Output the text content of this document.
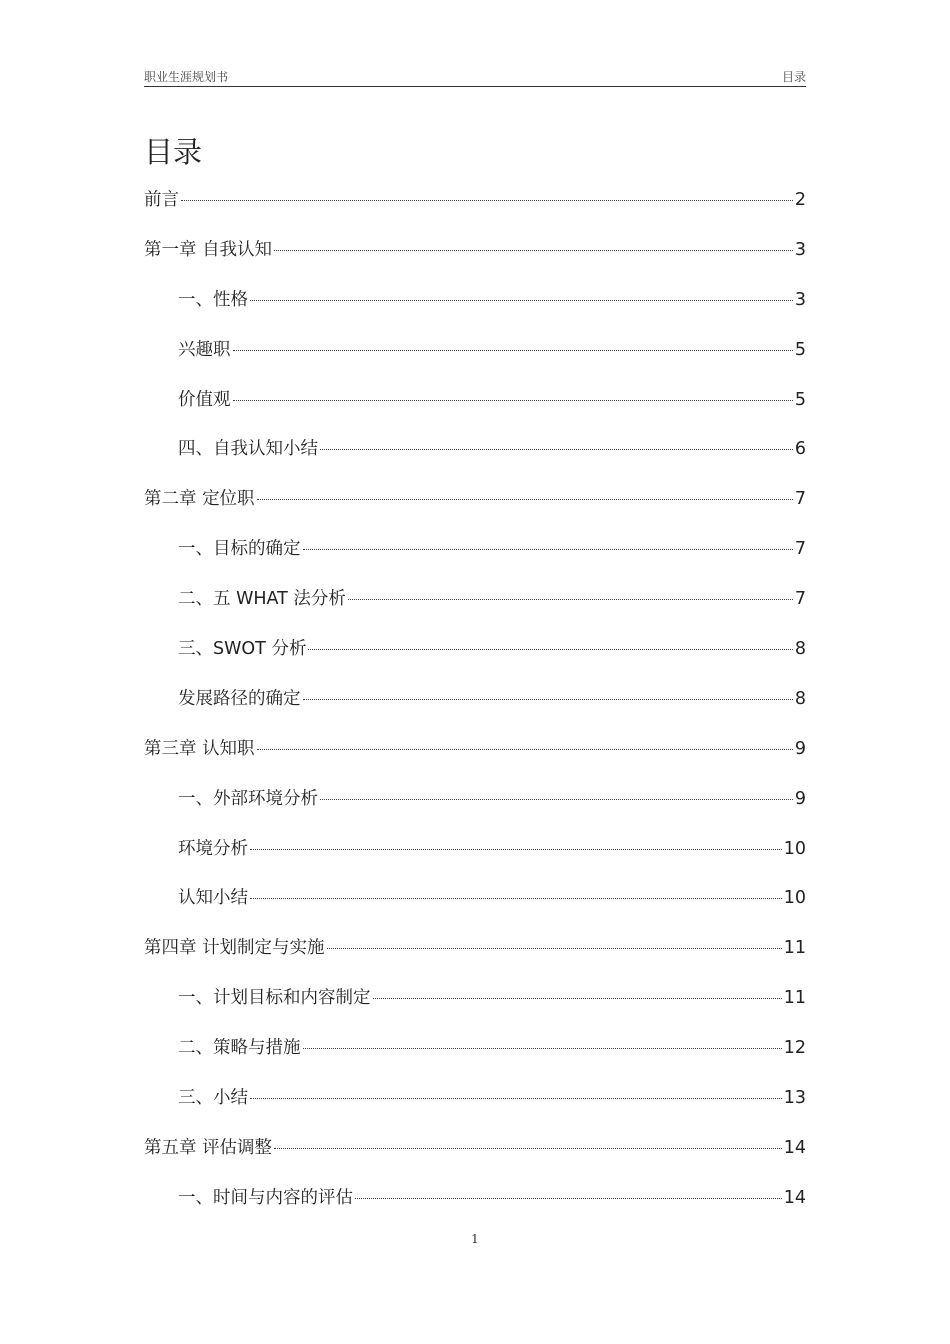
职业生涯规划书	目录
目录
前言	2
第一章 自我认知	3
一、性格	3
兴趣职	5
价值观	5
四、自我认知小结	6
第二章 定位职	7
一、目标的确定	7
二、五 WHAT 法分析	7
三、SWOT 分析	8
发展路径的确定	8
第三章 认知职	9
一、外部环境分析	9
环境分析	10
认知小结	10
第四章 计划制定与实施	11
一、计划目标和内容制定	11
二、策略与措施	12
三、小结	13
第五章 评估调整	14
一、时间与内容的评估	14
1
